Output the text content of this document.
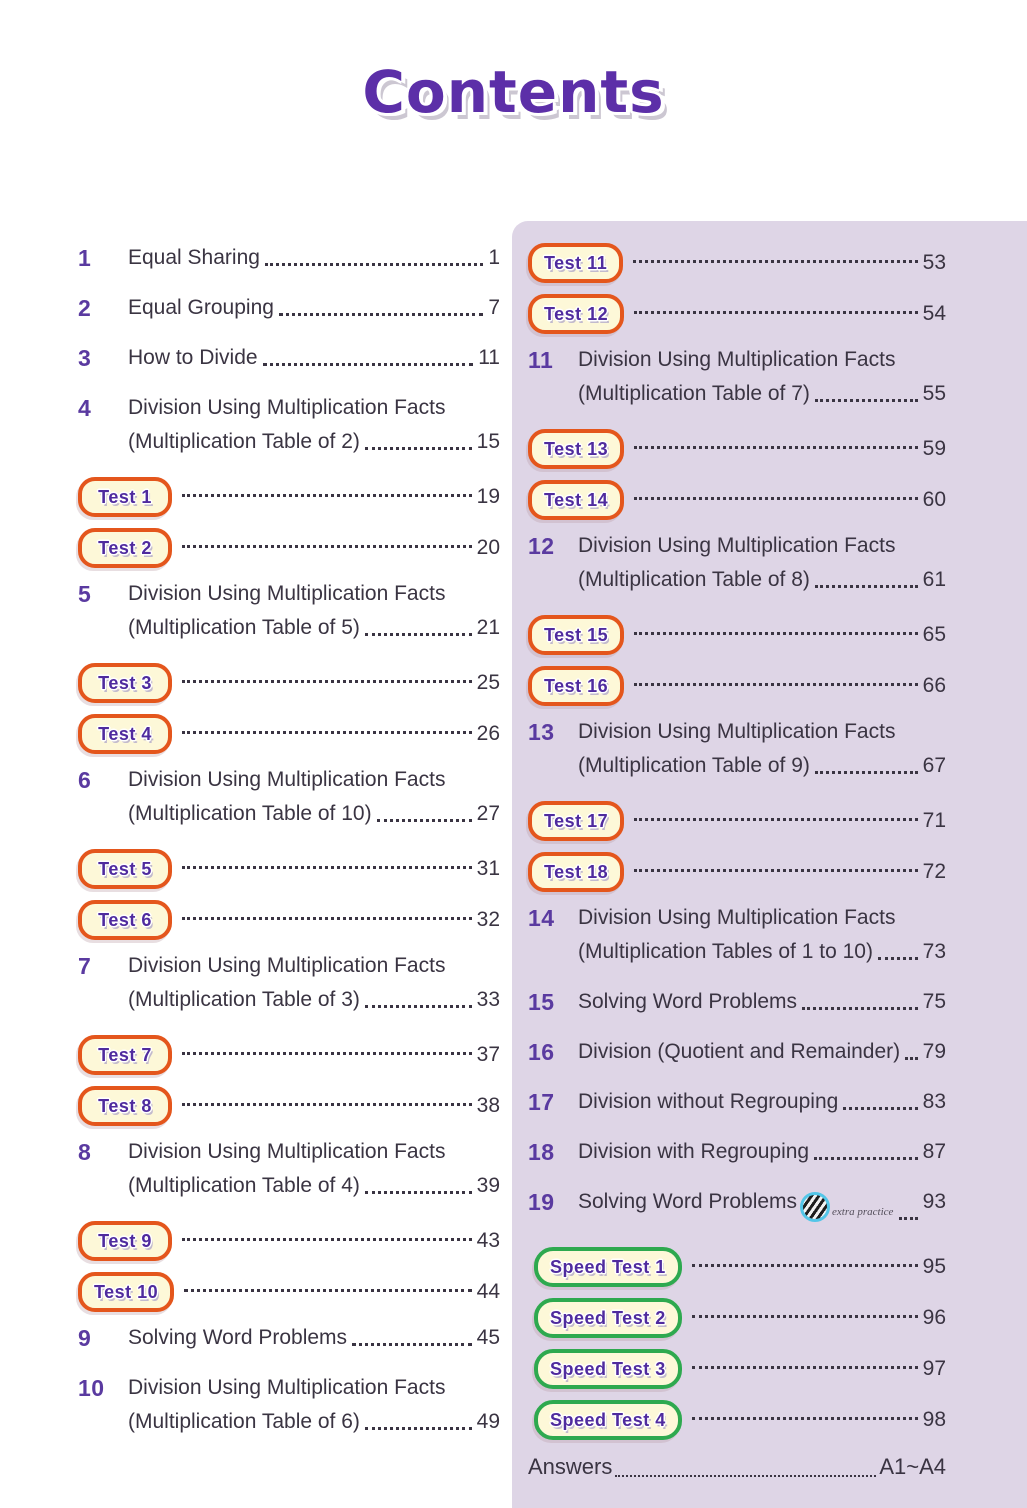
Contents
1	Equal Sharing	1
2	Equal Grouping	7
3	How to Divide	11
4	Division Using Multiplication Facts
(Multiplication Table of 2)	15
Test 1	19
Test 2	20
5	Division Using Multiplication Facts
(Multiplication Table of 5)	21
Test 3	25
Test 4	26
6	Division Using Multiplication Facts
(Multiplication Table of 10)	27
Test 5	31
Test 6	32
7	Division Using Multiplication Facts
(Multiplication Table of 3)	33
Test 7	37
Test 8	38
8	Division Using Multiplication Facts
(Multiplication Table of 4)	39
Test 9	43
Test 10	44
9	Solving Word Problems	45
10	Division Using Multiplication Facts
(Multiplication Table of 6)	49
Test 11	53
Test 12	54
11	Division Using Multiplication Facts
(Multiplication Table of 7)	55
Test 13	59
Test 14	60
12	Division Using Multiplication Facts
(Multiplication Table of 8)	61
Test 15	65
Test 16	66
13	Division Using Multiplication Facts
(Multiplication Table of 9)	67
Test 17	71
Test 18	72
14	Division Using Multiplication Facts
(Multiplication Tables of 1 to 10) 73
15	Solving Word Problems	75
16	Division (Quotient and Remainder) 79
17	Division without Regrouping	83
18	Division with Regrouping	87
19	Solving Word Problems	extra practice 93
Speed Test 1	95
Speed Test 2	96
Speed Test 3	97
Speed Test 4	98
Answers	A1~A4
